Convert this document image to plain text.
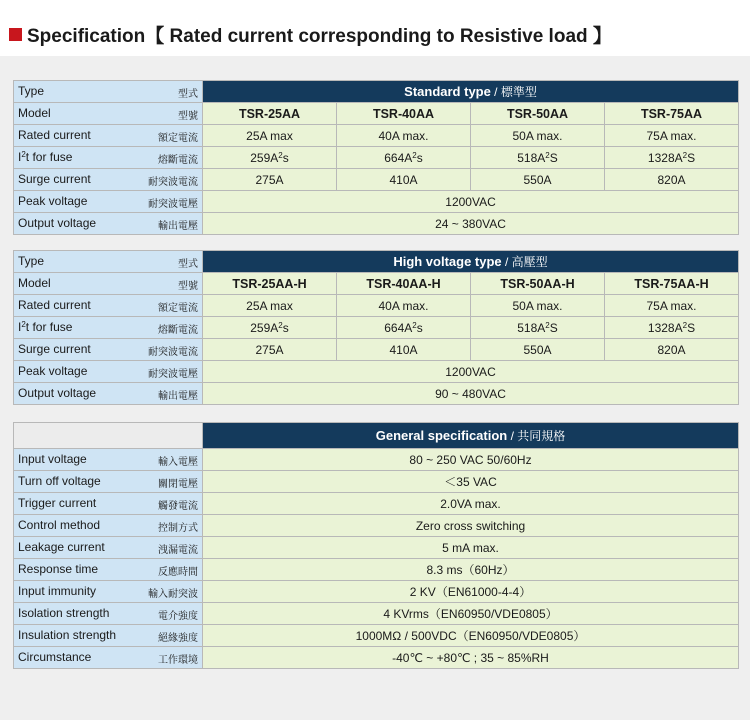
Specification【 Rated current corresponding to Resistive load 】
Type 型式	Standard type / 標準型			

Model 型號	TSR-25AA	TSR-40AA	TSR-50AA	TSR-75AA

Rated current 額定電流	25A max	40A max.	50A max.	75A max.

$I^2t$ for fuse 熔斷電流	$259A^2s$	$664A^2s$	$518A^2S$	$1328A^2S$

Surge current 耐突波電流	275A	410A	550A	820A

Peak voltage 耐突波電壓	1200VAC			

Output voltage 輸出電壓	24 ~ 380VAC			
Type 型式	High voltage type / 高壓型			

Model 型號	TSR-25AA-H	TSR-40AA-H	TSR-50AA-H	TSR-75AA-H

Rated current 額定電流	25A max	40A max.	50A max.	75A max.

$I^2t$ for fuse 熔斷電流	$259A^2s$	$664A^2s$	$518A^2S$	$1328A^2S$

Surge current 耐突波電流	275A	410A	550A	820A

Peak voltage 耐突波電壓	1200VAC			

Output voltage 輸出電壓	90 ~ 480VAC			
	General specification / 共同規格

Input voltage 輸入電壓	80 ~ 250 VAC 50/60Hz

Turn off voltage 關閉電壓	＜35 VAC

Trigger current 觸發電流	2.0VA max.

Control method 控制方式	Zero cross switching

Leakage current 洩漏電流	5 mA max.

Response time 反應時間	8.3 ms（60Hz）

Input immunity 輸入耐突波	2 KV（EN61000-4-4）

Isolation strength 電介強度	4 KVrms（EN60950/VDE0805）

Insulation strength 絕緣強度	1000MΩ / 500VDC（EN60950/VDE0805）

Circumstance 工作環境	-40℃ ~ +80℃ ; 35 ~ 85%RH
